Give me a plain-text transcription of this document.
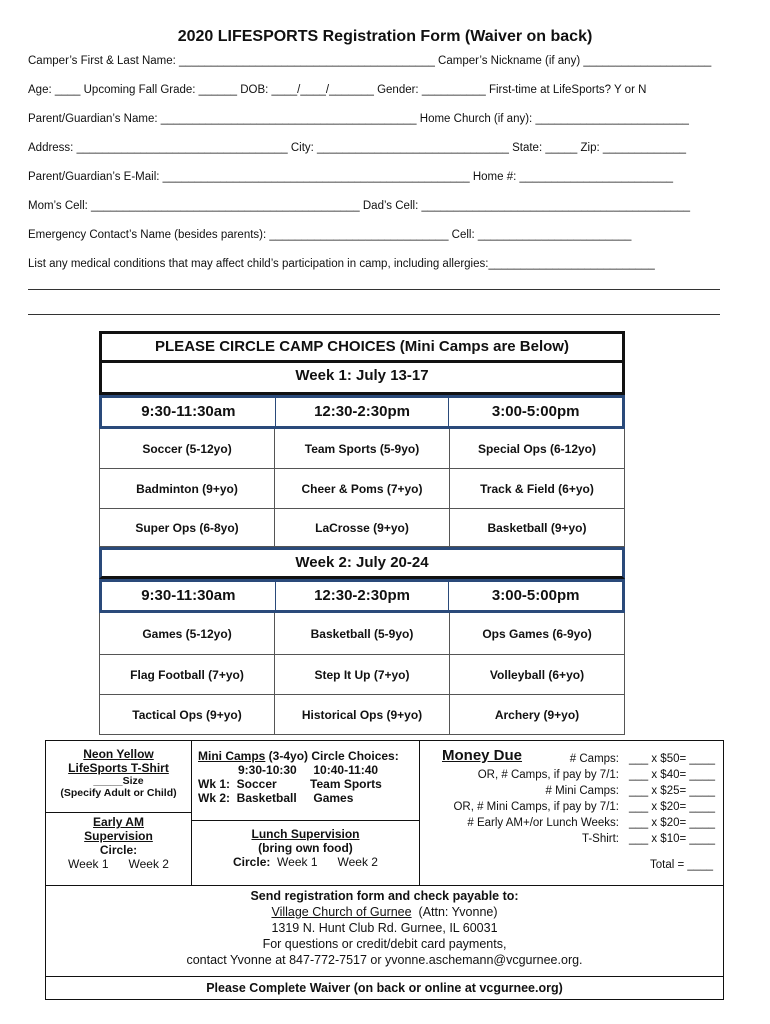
2020 LIFESPORTS Registration Form (Waiver on back)
Camper’s First & Last Name: ________________________________________ Camper’s Nickname (if any) ____________________
Age: ____ Upcoming Fall Grade: ______ DOB: ____/____/_______ Gender: __________ First-time at LifeSports? Y or N
Parent/Guardian’s Name: ________________________________________ Home Church (if any): ________________________
Address: _________________________________ City: ______________________________ State: _____ Zip: _____________
Parent/Guardian’s E-Mail: ________________________________________________ Home #: ________________________
Mom’s Cell: __________________________________________ Dad’s Cell: __________________________________________
Emergency Contact’s Name (besides parents): ____________________________ Cell: ________________________
List any medical conditions that may affect child’s participation in camp, including allergies:__________________________
PLEASE CIRCLE CAMP CHOICES (Mini Camps are Below)
Week 1: July 13-17
9:30-11:30am	12:30-2:30pm	3:00-5:00pm
Soccer (5-12yo)	Team Sports (5-9yo)	Special Ops (6-12yo)
Badminton (9+yo)	Cheer & Poms (7+yo)	Track & Field (6+yo)
Super Ops (6-8yo)	LaCrosse (9+yo)	Basketball (9+yo)
Week 2: July 20-24
9:30-11:30am	12:30-2:30pm	3:00-5:00pm
Games (5-12yo)	Basketball (5-9yo)	Ops Games (6-9yo)
Flag Football (7+yo)	Step It Up (7+yo)	Volleyball (6+yo)
Tactical Ops (9+yo)	Historical Ops (9+yo)	Archery (9+yo)
Neon Yellow
LifeSports T-Shirt
_____Size
(Specify Adult or Child)
Early AM
Supervision
Circle:
Week 1      Week 2
Mini Camps (3-4yo) Circle Choices:
9:30-10:30     10:40-11:40
Wk 1:  Soccer          Team Sports
Wk 2:  Basketball     Games
Lunch Supervision
(bring own food)
Circle:  Week 1      Week 2
Money Due	# Camps: ___ x $50= ____
OR, # Camps, if pay by 7/1: ___ x $40= ____
# Mini Camps: ___ x $25= ____
OR, # Mini Camps, if pay by 7/1: ___ x $20= ____
# Early AM+/or Lunch Weeks: ___ x $20= ____
T-Shirt: ___ x $10= ____
Total = ____
Send registration form and check payable to:
Village Church of Gurnee  (Attn: Yvonne)
1319 N. Hunt Club Rd. Gurnee, IL 60031
For questions or credit/debit card payments,
contact Yvonne at 847-772-7517 or yvonne.aschemann@vcgurnee.org.
Please Complete Waiver (on back or online at vcgurnee.org)
